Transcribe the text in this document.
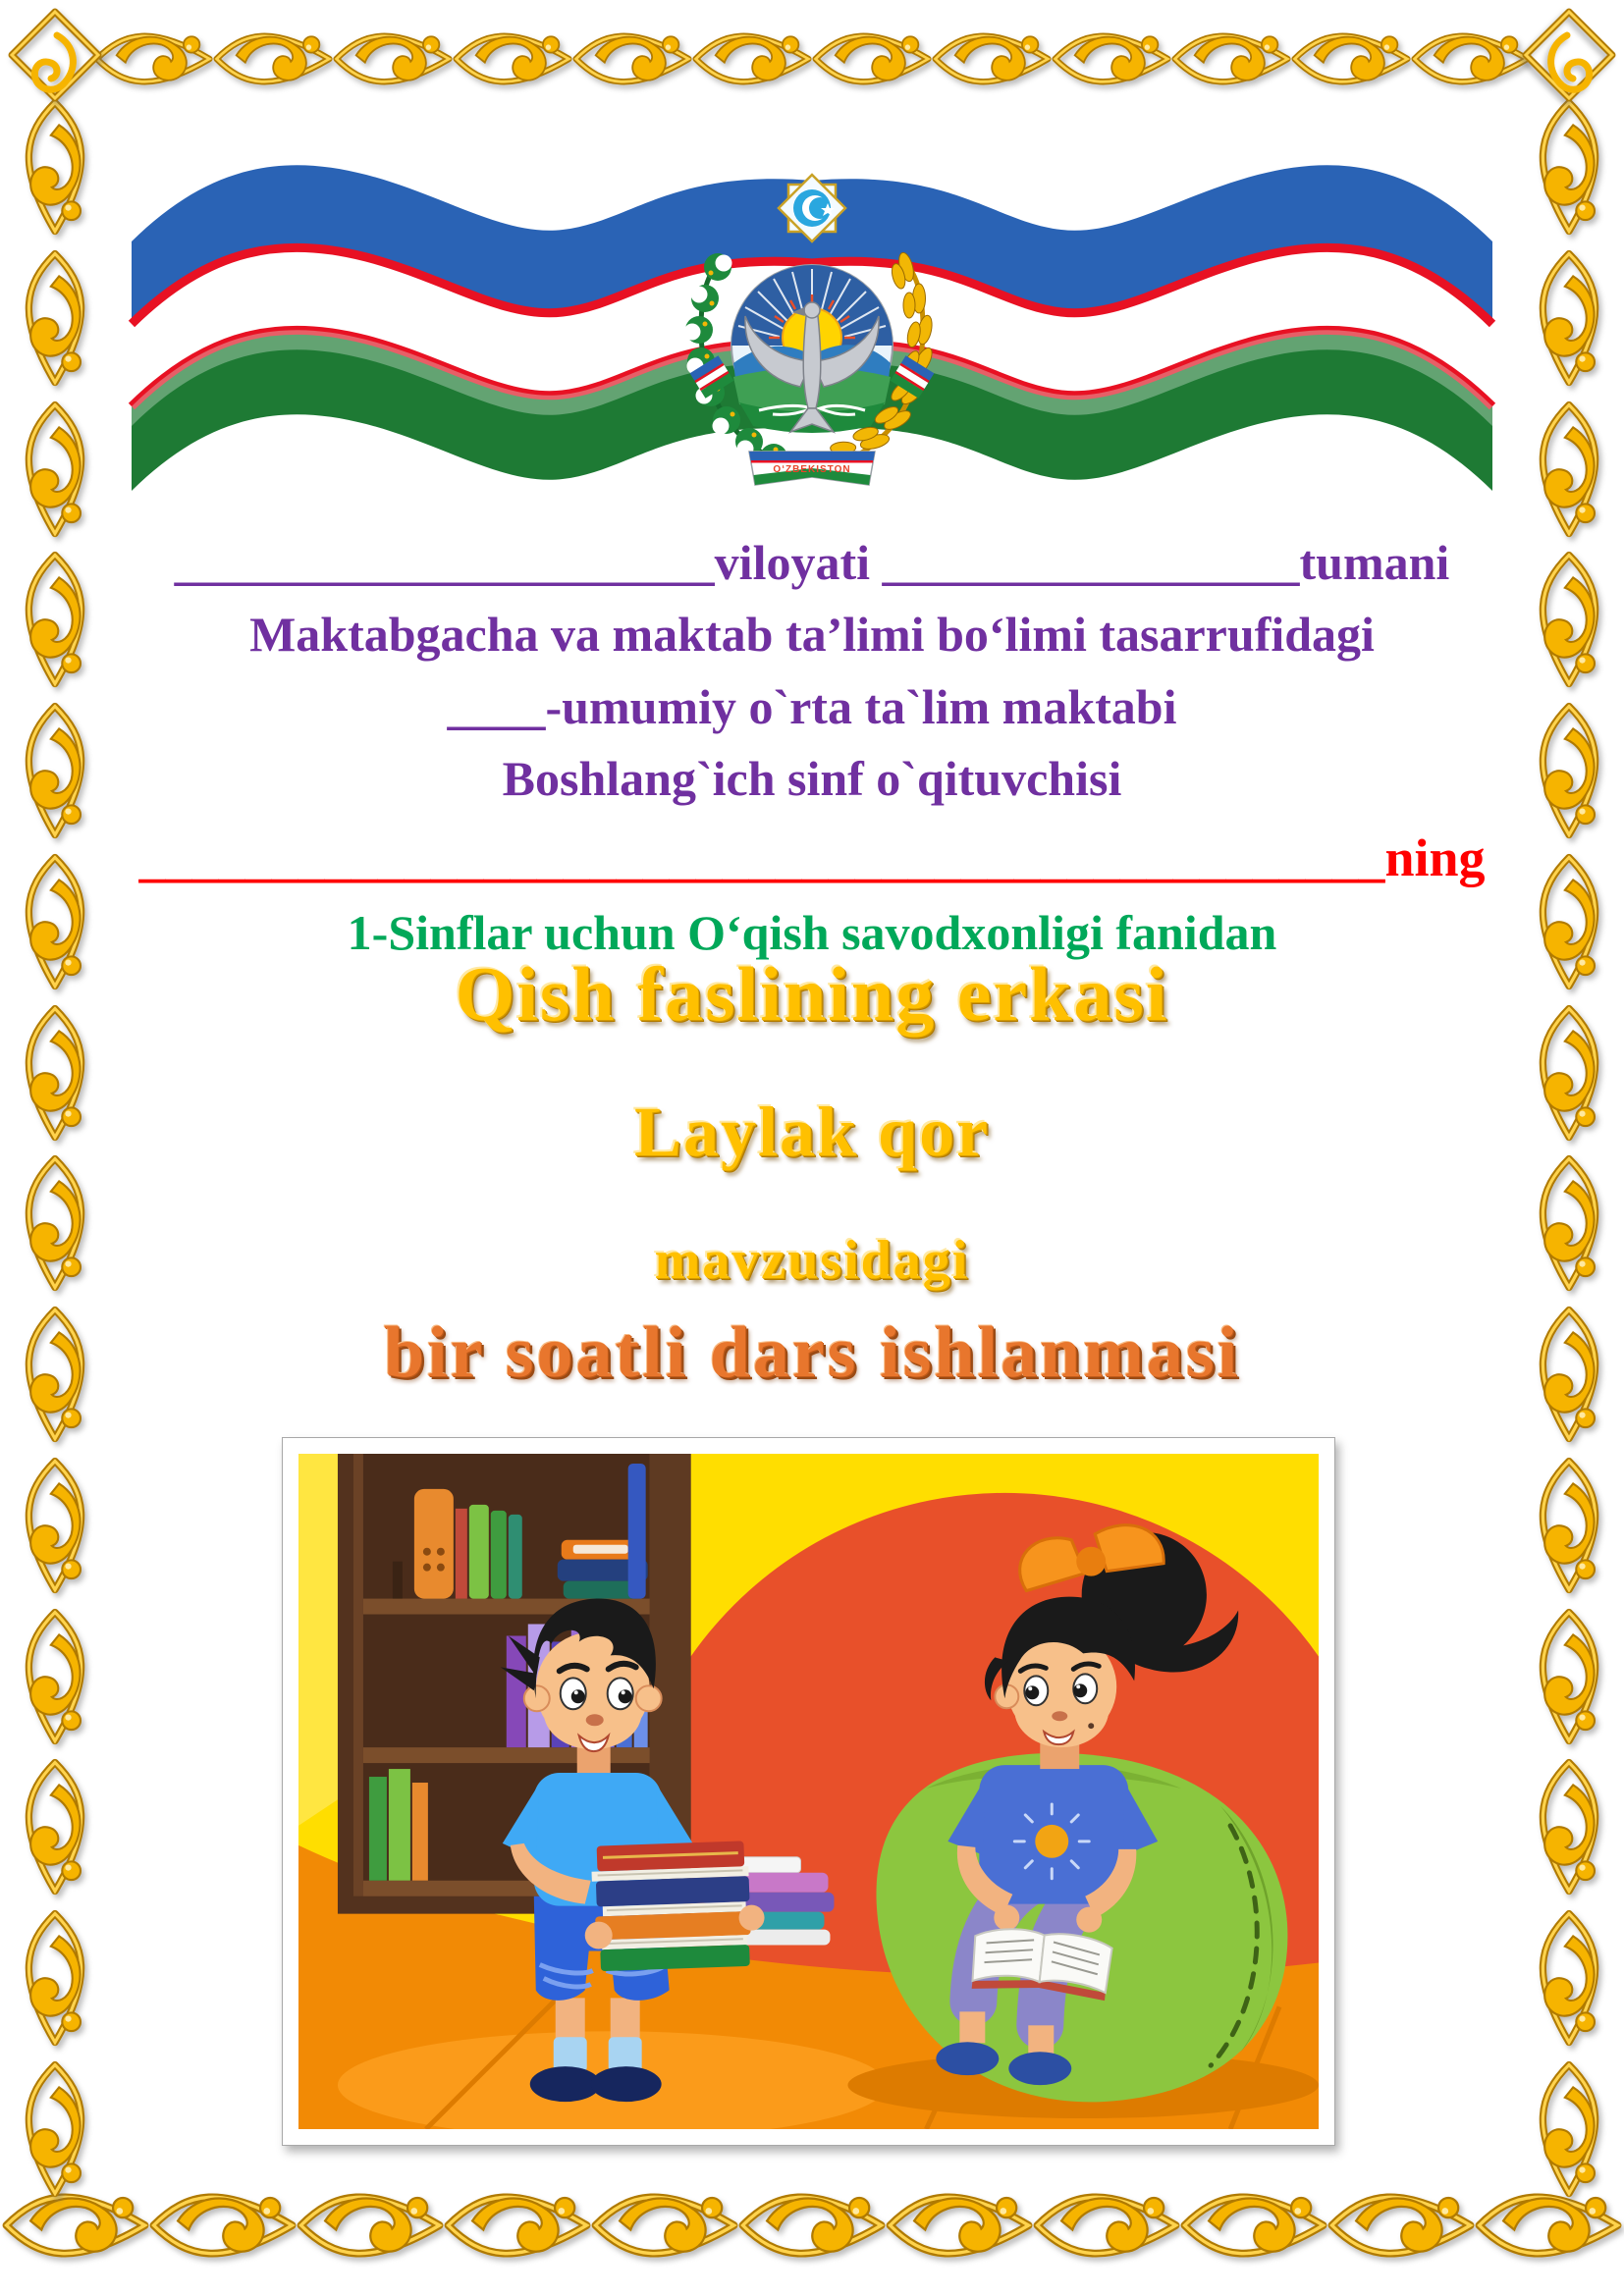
O‘ZBEKISTON
______________________viloyati _________________tumani
Maktabgacha va maktab ta’limi bo‘limi tasarrufidagi
____-umumiy o`rta ta`lim maktabi
Boshlang`ich sinf o`qituvchisi
_______________________________________________ning
1-Sinflar uchun O‘qish savodxonligi fanidan
Qish faslining erkasi
Laylak qor
mavzusidagi
bir soatli dars ishlanmasi
